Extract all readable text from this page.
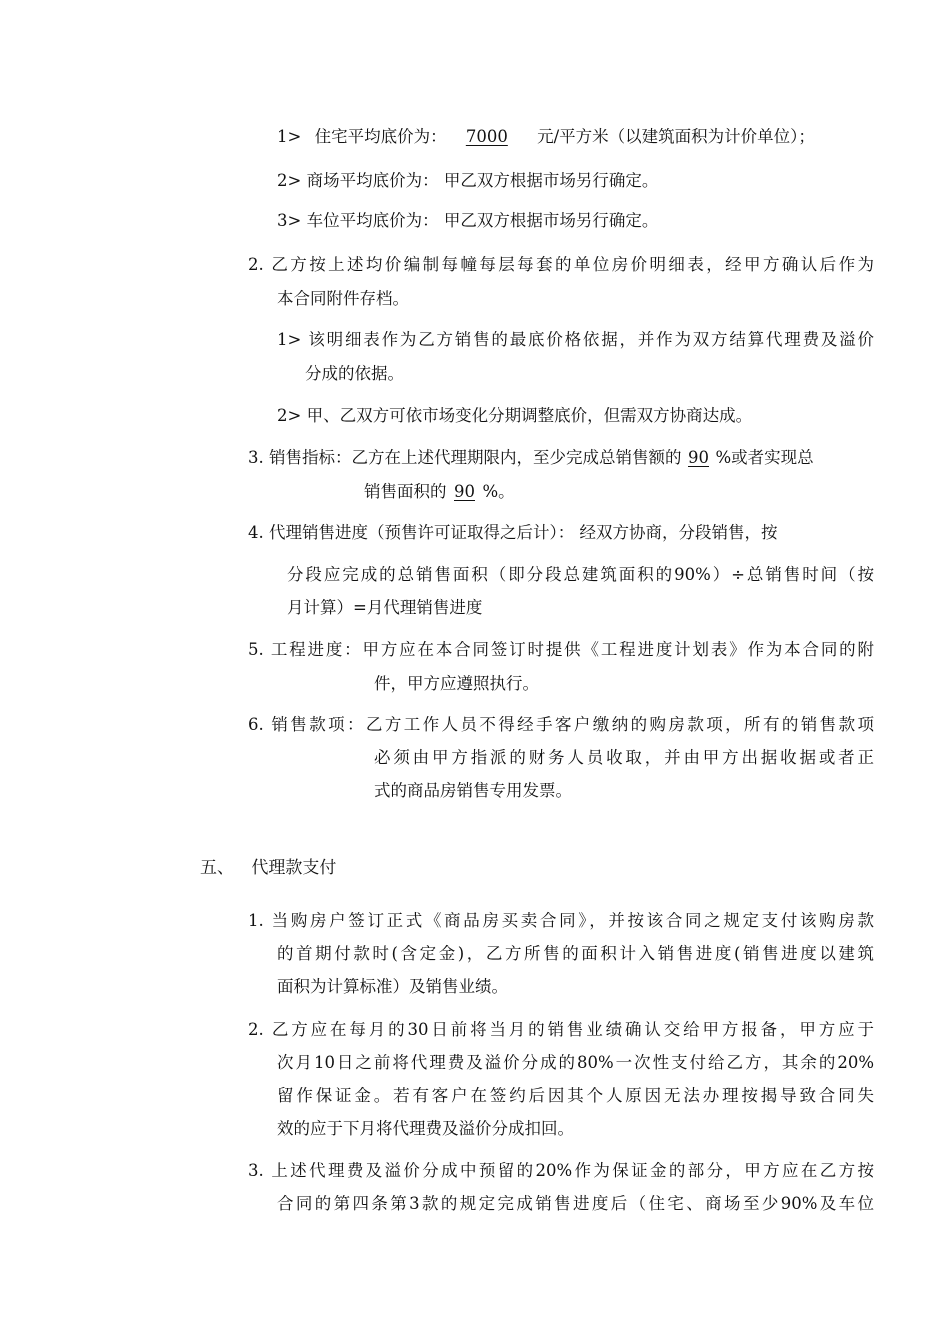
1> 住宅平均底价为： 7000 元/平方米（以建筑面积为计价单位）；
2> 商场平均底价为： 甲乙双方根据市场另行确定。
3> 车位平均底价为： 甲乙双方根据市场另行确定。
2. 乙方按上述均价编制每幢每层每套的单位房价明细表，经甲方确认后作为
本合同附件存档。
1> 该明细表作为乙方销售的最底价格依据，并作为双方结算代理费及溢价
分成的依据。
2> 甲、乙双方可依市场变化分期调整底价，但需双方协商达成。
3. 销售指标：乙方在上述代理期限内，至少完成总销售额的 90 %或者实现总
销售面积的 90 %。
4. 代理销售进度（预售许可证取得之后计）： 经双方协商，分段销售，按
分段应完成的总销售面积（即分段总建筑面积的90%）÷总销售时间（按
月计算）=月代理销售进度
5. 工程进度：甲方应在本合同签订时提供《工程进度计划表》作为本合同的附
件，甲方应遵照执行。
6. 销售款项：乙方工作人员不得经手客户缴纳的购房款项，所有的销售款项
必须由甲方指派的财务人员收取，并由甲方出据收据或者正
式的商品房销售专用发票。
五、 代理款支付
1. 当购房户签订正式《商品房买卖合同》，并按该合同之规定支付该购房款
的首期付款时(含定金)，乙方所售的面积计入销售进度(销售进度以建筑
面积为计算标准）及销售业绩。
2. 乙方应在每月的30日前将当月的销售业绩确认交给甲方报备，甲方应于
次月10日之前将代理费及溢价分成的80%一次性支付给乙方，其余的20%
留作保证金。若有客户在签约后因其个人原因无法办理按揭导致合同失
效的应于下月将代理费及溢价分成扣回。
3. 上述代理费及溢价分成中预留的20%作为保证金的部分，甲方应在乙方按
合同的第四条第3款的规定完成销售进度后（住宅、商场至少90%及车位
